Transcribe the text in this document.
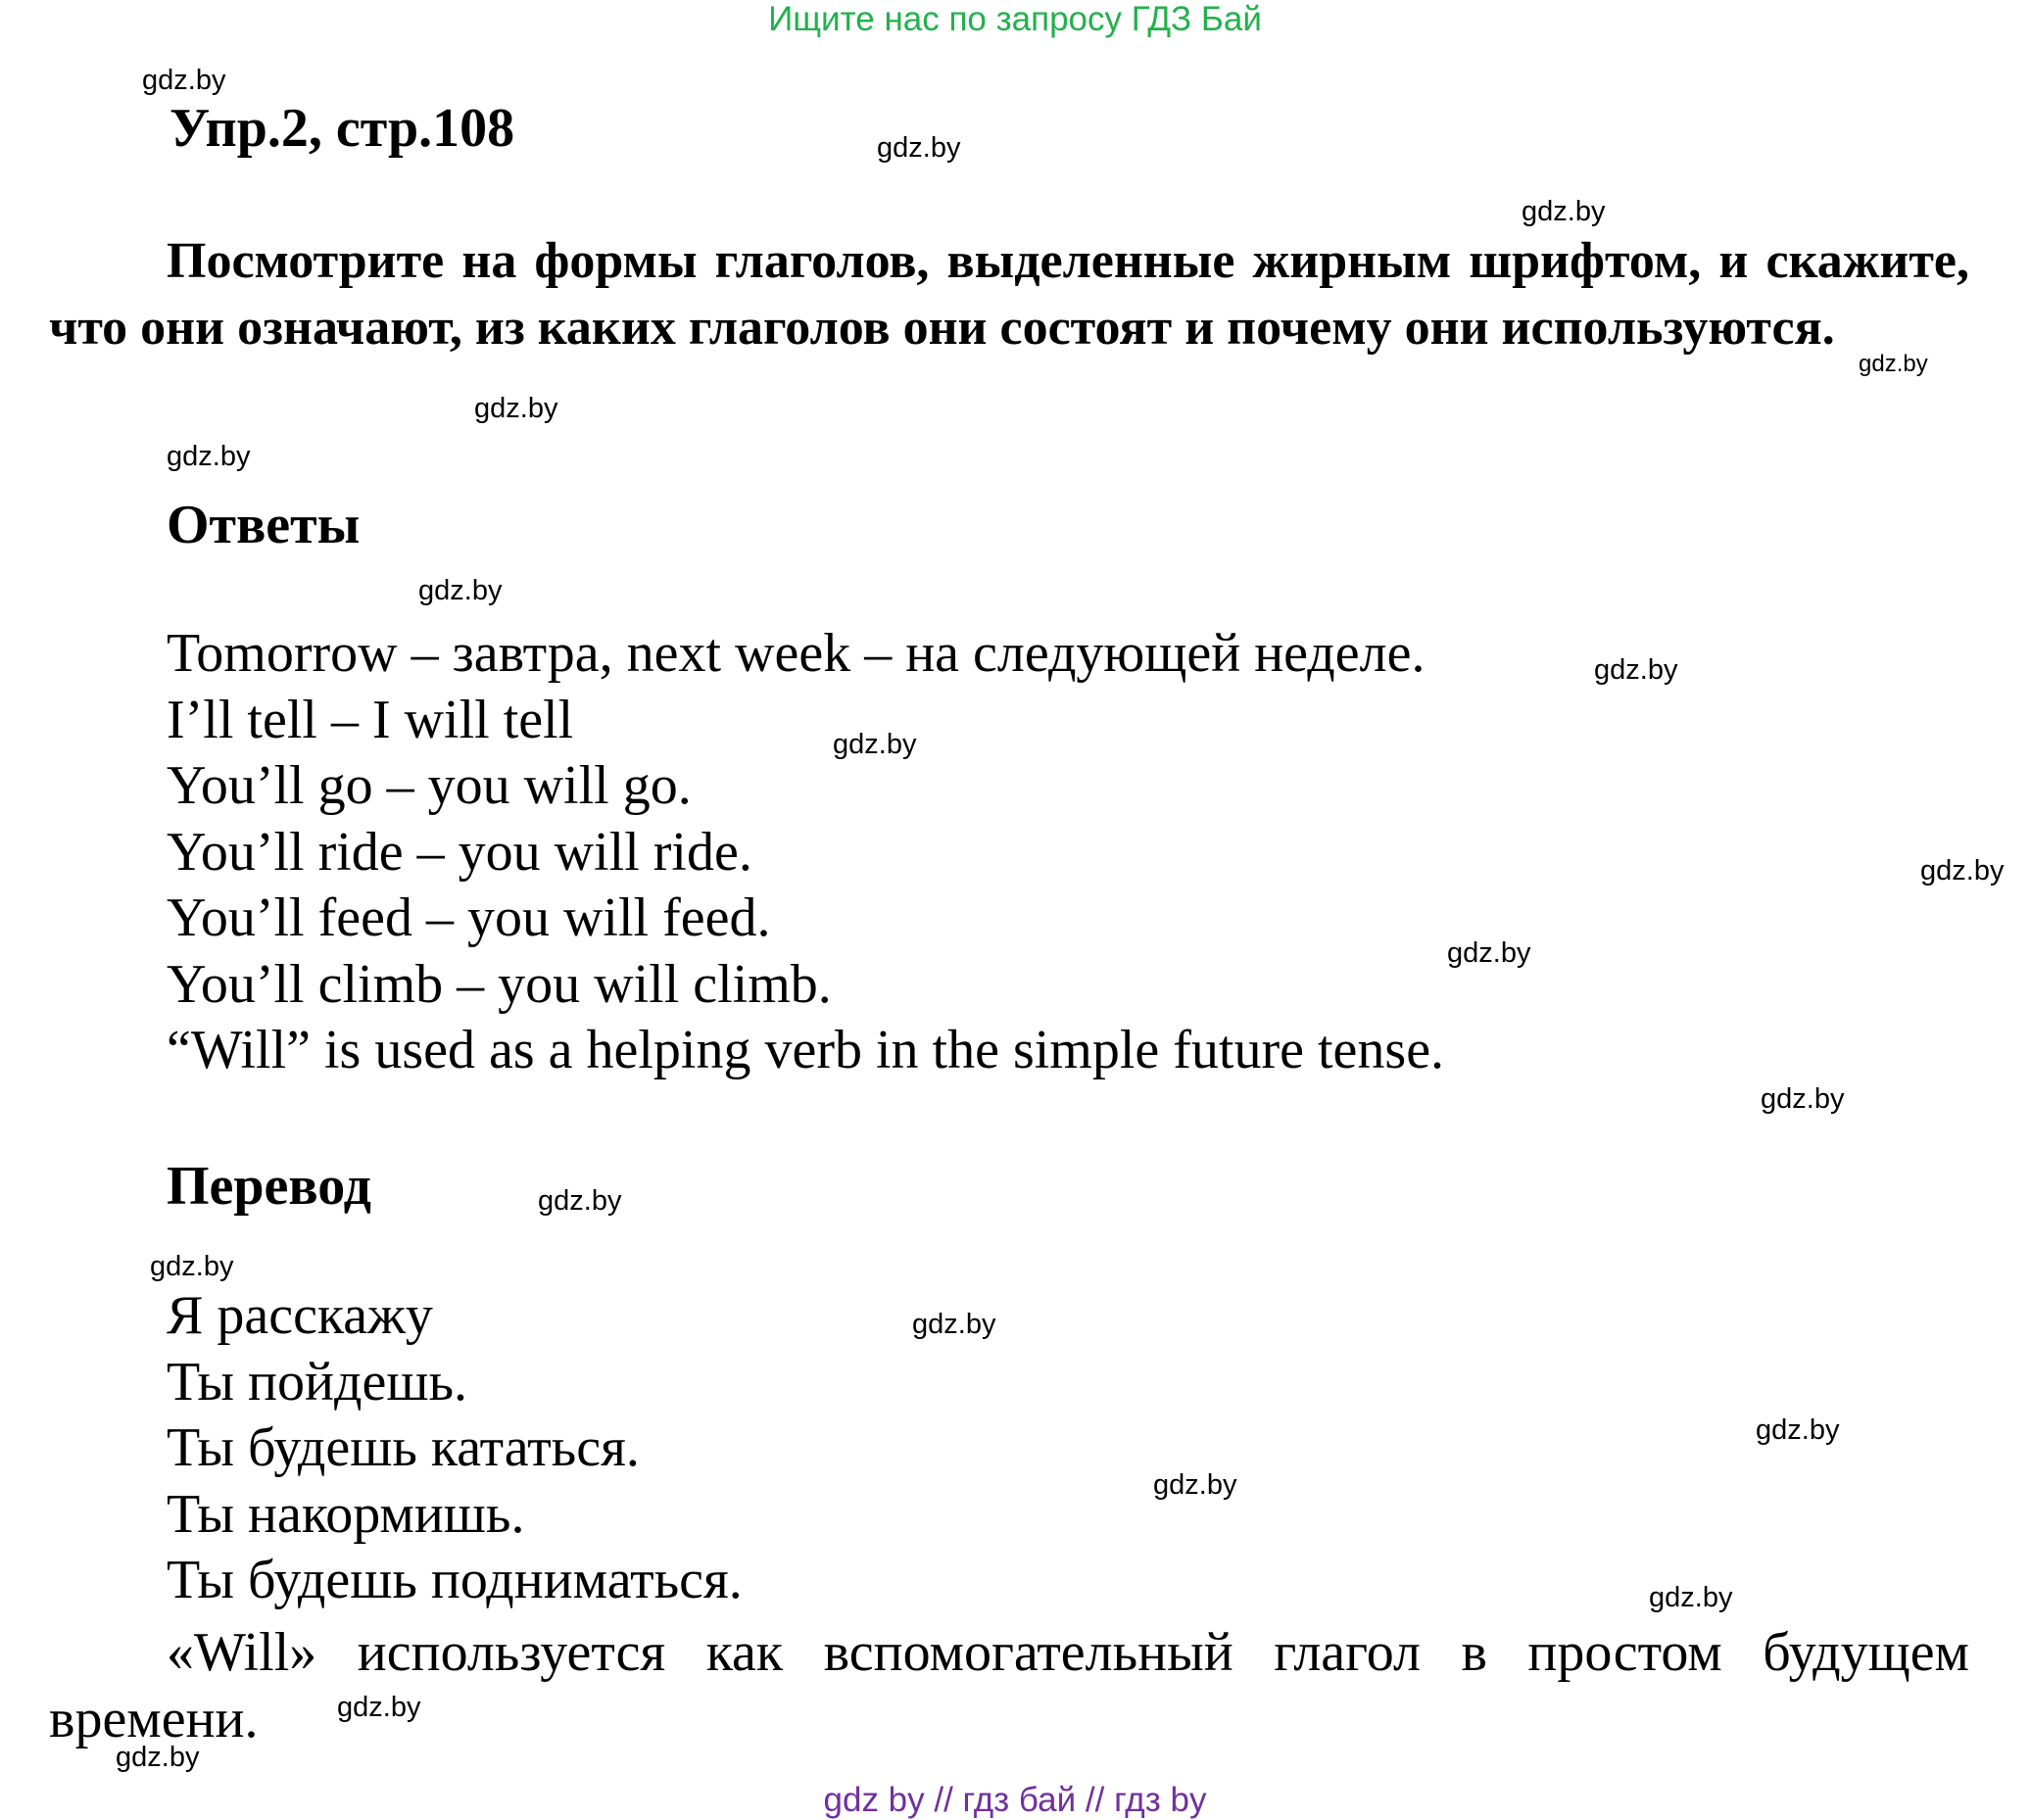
Ищите нас по запросу ГДЗ Бай
Упр.2, стр.108
Посмотрите на формы глаголов, выделенные жирным шрифтом, и скажите, что они означают, из каких глаголов они состоят и почему они используются.
Ответы
Tomorrow – завтра, next week – на следующей неделе.
I’ll tell – I will tell
You’ll go – you will go.
You’ll ride – you will ride.
You’ll feed – you will feed.
You’ll climb – you will climb.
“Will” is used as a helping verb in the simple future tense.
Перевод
Я расскажу
Ты пойдешь.
Ты будешь кататься.
Ты накормишь.
Ты будешь подниматься.
«Will» используется как вспомогательный глагол в простом будущем времени.
gdz.by
gdz.by
gdz.by
gdz.by
gdz.by
gdz.by
gdz.by
gdz.by
gdz.by
gdz.by
gdz.by
gdz.by
gdz.by
gdz.by
gdz.by
gdz.by
gdz.by
gdz.by
gdz.by
gdz.by
gdz by // гдз бай // гдз by
